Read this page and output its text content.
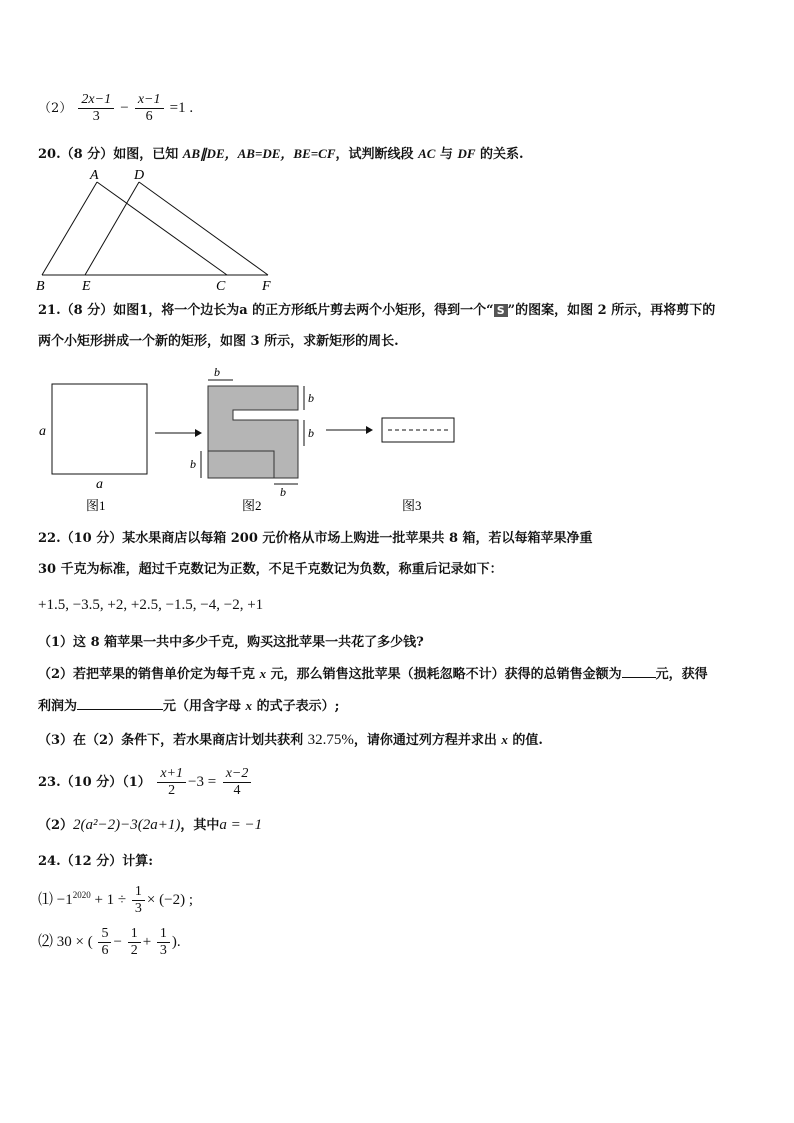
$(2) \frac{2x-1}{3} - \frac{x-1}{6} =1$ .
20.（8 分）如图，已知 AB∥DE，AB=DE，BE=CF，试判断线段 AC 与 DF 的关系.
A	D
B	E	C	F
21.（8 分）如图1，将一个边长为a 的正方形纸片剪去两个小矩形，得到一个“ S ”的图案，如图 2 所示，再将剪下的
两个小矩形拼成一个新的矩形，如图 3 所示，求新矩形的周长.
a
a
图1
b
b
b
b
b
图2	图3
22.（10 分）某水果商店以每箱 200 元价格从市场上购进一批苹果共 8 箱，若以每箱苹果净重
30 千克为标准，超过千克数记为正数，不足千克数记为负数，称重后记录如下：
+1.5, −3.5, +2, +2.5, −1.5, −4, −2, +1
（1）这 8 箱苹果一共中多少千克，购买这批苹果一共花了多少钱?
（2）若把苹果的销售单价定为每千克 x 元，那么销售这批苹果（损耗忽略不计）获得的总销售金额为	元，获得
利润为	元（用含字母 x 的式子表示）;
（3）在（2）条件下，若水果商店计划共获利 32.75%，请你通过列方程并求出 x 的值.
23.（10 分）$(1) \frac{x+1}{2} -3 = \frac{x-2}{4}$
（2）2(a²−2)−3(2a+1)，其中a = −1
24.（12 分）计算:
⑴ $-1^{2020} + 1 \div \frac{1}{3} \times (-2)$ ;
⑵ 30 × ( $\frac{5}{6} - \frac{1}{2} + \frac{1}{3}$ ).
